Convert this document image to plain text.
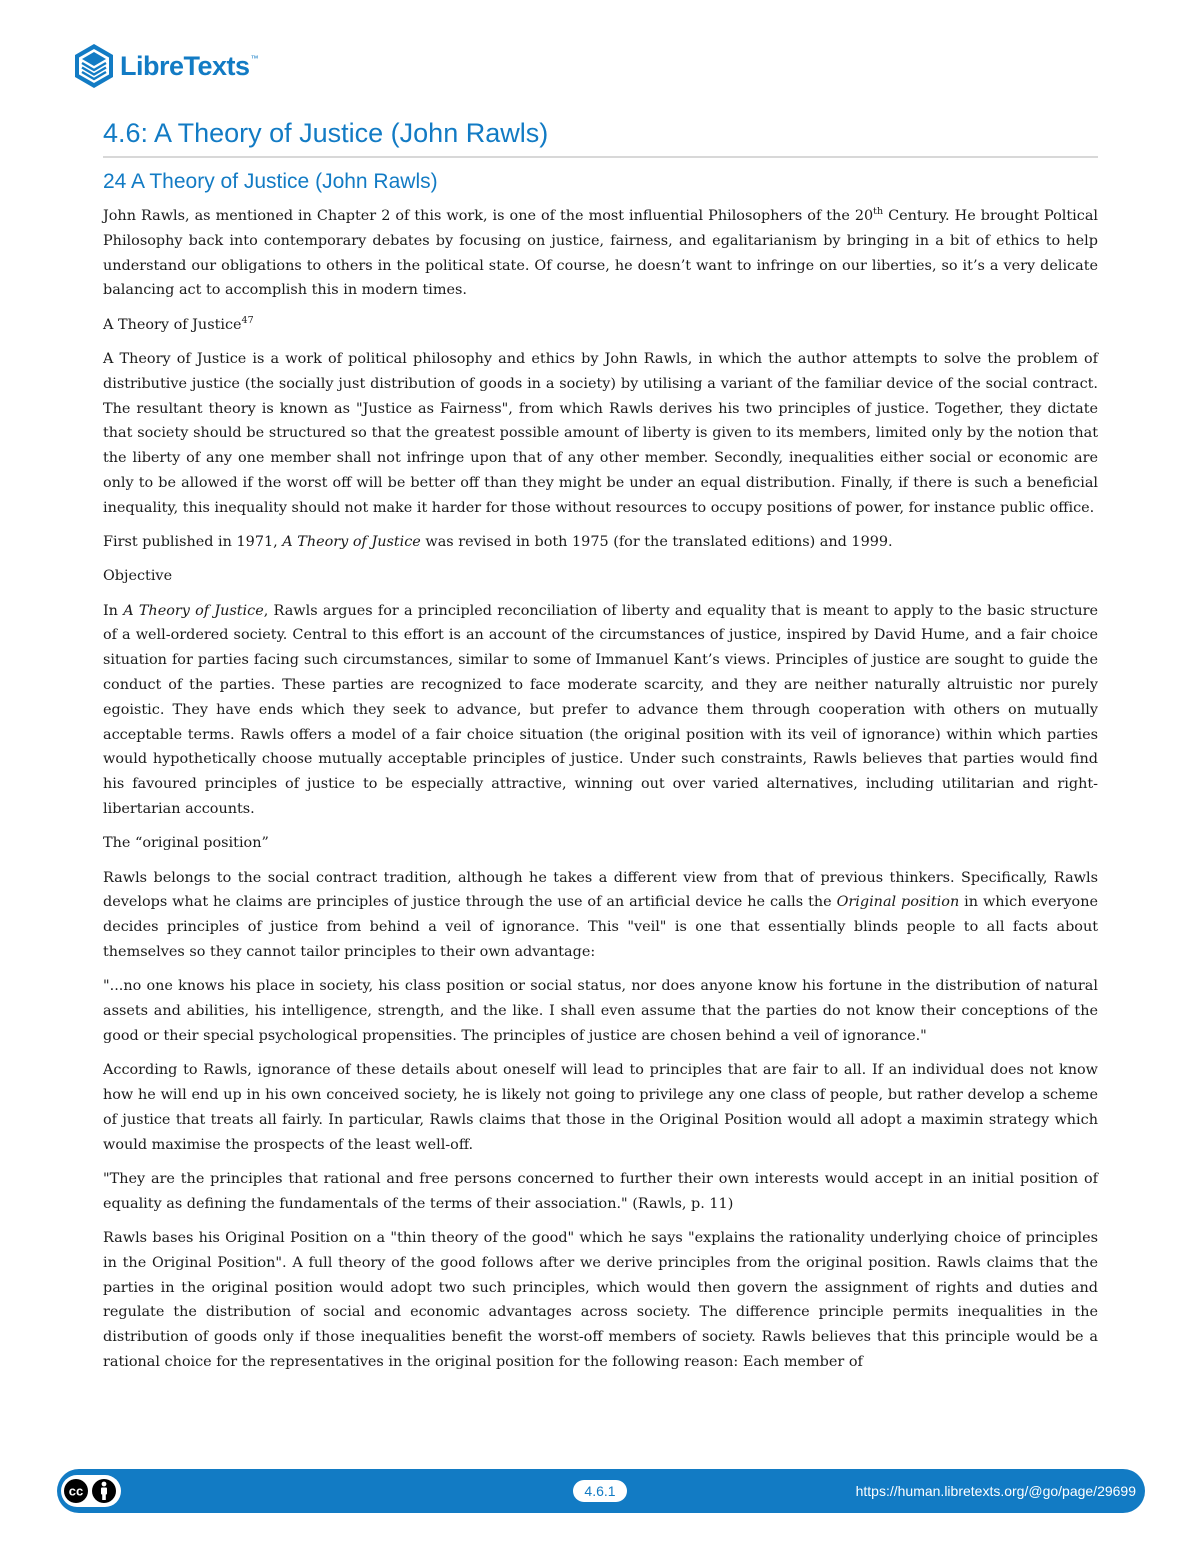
LibreTexts ™
4.6: A Theory of Justice (John Rawls)
24 A Theory of Justice (John Rawls)

John Rawls, as mentioned in Chapter 2 of this work, is one of the most influential Philosophers of the 20th Century. He brought Poltical Philosophy back into contemporary debates by focusing on justice, fairness, and egalitarianism by bringing in a bit of ethics to help understand our obligations to others in the political state. Of course, he doesn’t want to infringe on our liberties, so it’s a very delicate balancing act to accomplish this in modern times.

A Theory of Justice$^{47}$

A Theory of Justice is a work of political philosophy and ethics by John Rawls, in which the author attempts to solve the problem of distributive justice (the socially just distribution of goods in a society) by utilising a variant of the familiar device of the social contract. The resultant theory is known as "Justice as Fairness", from which Rawls derives his two principles of justice. Together, they dictate that society should be structured so that the greatest possible amount of liberty is given to its members, limited only by the notion that the liberty of any one member shall not infringe upon that of any other member. Secondly, inequalities either social or economic are only to be allowed if the worst off will be better off than they might be under an equal distribution. Finally, if there is such a beneficial inequality, this inequality should not make it harder for those without resources to occupy positions of power, for instance public office.

First published in 1971, A Theory of Justice was revised in both 1975 (for the translated editions) and 1999.

Objective

In A Theory of Justice, Rawls argues for a principled reconciliation of liberty and equality that is meant to apply to the basic structure of a well-ordered society. Central to this effort is an account of the circumstances of justice, inspired by David Hume, and a fair choice situation for parties facing such circumstances, similar to some of Immanuel Kant’s views. Principles of justice are sought to guide the conduct of the parties. These parties are recognized to face moderate scarcity, and they are neither naturally altruistic nor purely egoistic. They have ends which they seek to advance, but prefer to advance them through cooperation with others on mutually acceptable terms. Rawls offers a model of a fair choice situation (the original position with its veil of ignorance) within which parties would hypothetically choose mutually acceptable principles of justice. Under such constraints, Rawls believes that parties would find his favoured principles of justice to be especially attractive, winning out over varied alternatives, including utilitarian and right-libertarian accounts.

The “original position”

Rawls belongs to the social contract tradition, although he takes a different view from that of previous thinkers. Specifically, Rawls develops what he claims are principles of justice through the use of an artificial device he calls the Original position in which everyone decides principles of justice from behind a veil of ignorance. This "veil" is one that essentially blinds people to all facts about themselves so they cannot tailor principles to their own advantage:

"...no one knows his place in society, his class position or social status, nor does anyone know his fortune in the distribution of natural assets and abilities, his intelligence, strength, and the like. I shall even assume that the parties do not know their conceptions of the good or their special psychological propensities. The principles of justice are chosen behind a veil of ignorance."

According to Rawls, ignorance of these details about oneself will lead to principles that are fair to all. If an individual does not know how he will end up in his own conceived society, he is likely not going to privilege any one class of people, but rather develop a scheme of justice that treats all fairly. In particular, Rawls claims that those in the Original Position would all adopt a maximin strategy which would maximise the prospects of the least well-off.

"They are the principles that rational and free persons concerned to further their own interests would accept in an initial position of equality as defining the fundamentals of the terms of their association." (Rawls, p. 11)

Rawls bases his Original Position on a "thin theory of the good" which he says "explains the rationality underlying choice of principles in the Original Position". A full theory of the good follows after we derive principles from the original position. Rawls claims that the parties in the original position would adopt two such principles, which would then govern the assignment of rights and duties and regulate the distribution of social and economic advantages across society. The difference principle permits inequalities in the distribution of goods only if those inequalities benefit the worst-off members of society. Rawls believes that this principle would be a rational choice for the representatives in the original position for the following reason: Each member of

cc	4.6.1	https://human.libretexts.org/@go/page/29699
